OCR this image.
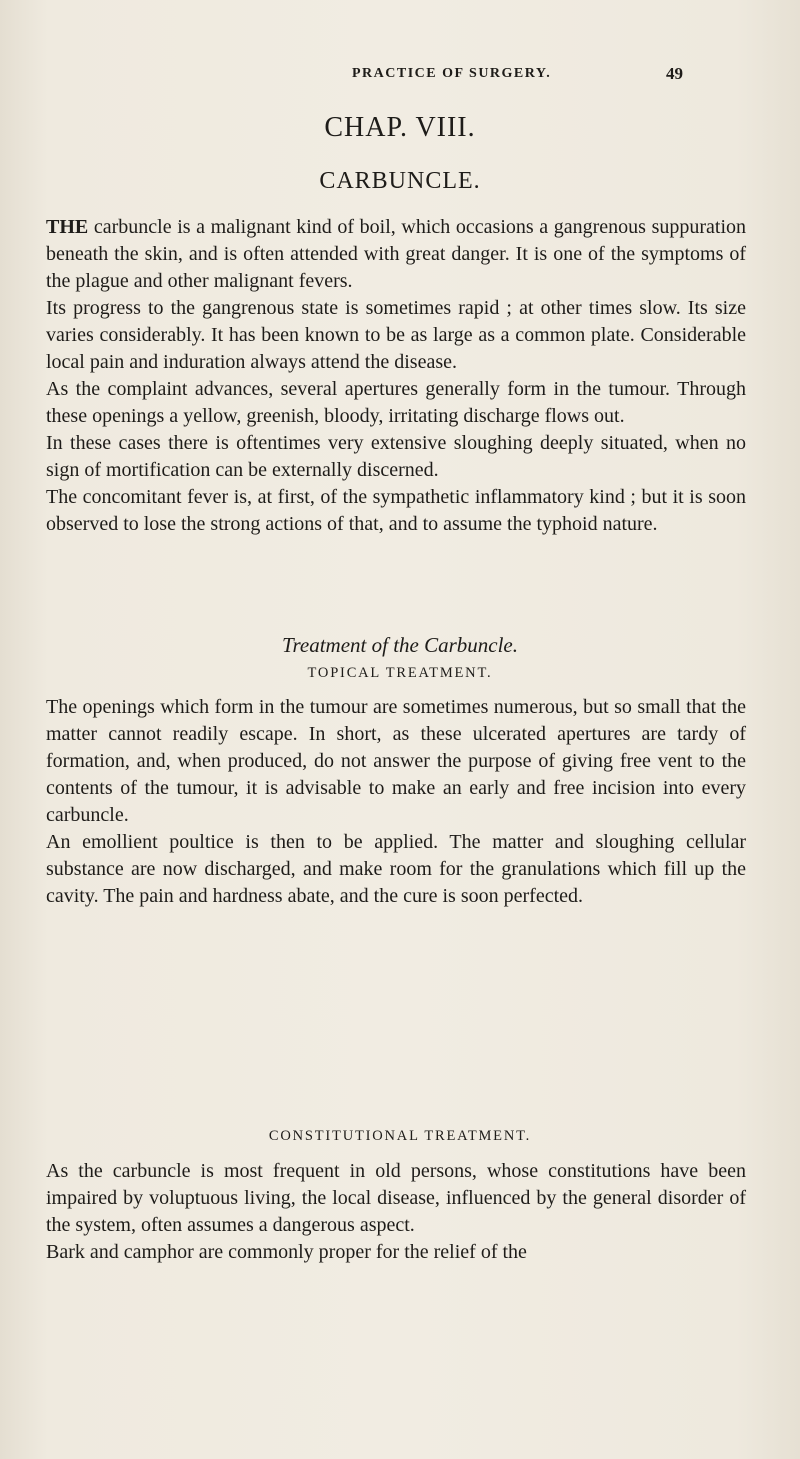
PRACTICE OF SURGERY.	49
CHAP. VIII.
CARBUNCLE.

THE carbuncle is a malignant kind of boil, which occasions a gangrenous suppuration beneath the skin, and is often attended with great danger. It is one of the symptoms of the plague and other malignant fevers.

Its progress to the gangrenous state is sometimes rapid ; at other times slow. Its size varies considerably. It has been known to be as large as a common plate. Considerable local pain and induration always attend the disease.

As the complaint advances, several apertures generally form in the tumour. Through these openings a yellow, greenish, bloody, irritating discharge flows out.

In these cases there is oftentimes very extensive sloughing deeply situated, when no sign of mortification can be externally discerned.

The concomitant fever is, at first, of the sympathetic inflammatory kind ; but it is soon observed to lose the strong actions of that, and to assume the typhoid nature.

Treatment of the Carbuncle.
TOPICAL TREATMENT.

The openings which form in the tumour are sometimes numerous, but so small that the matter cannot readily escape. In short, as these ulcerated apertures are tardy of formation, and, when produced, do not answer the purpose of giving free vent to the contents of the tumour, it is advisable to make an early and free incision into every carbuncle.

An emollient poultice is then to be applied. The matter and sloughing cellular substance are now discharged, and make room for the granulations which fill up the cavity. The pain and hardness abate, and the cure is soon perfected.

CONSTITUTIONAL TREATMENT.

As the carbuncle is most frequent in old persons, whose constitutions have been impaired by voluptuous living, the local disease, influenced by the general disorder of the system, often assumes a dangerous aspect.

Bark and camphor are commonly proper for the relief of the
